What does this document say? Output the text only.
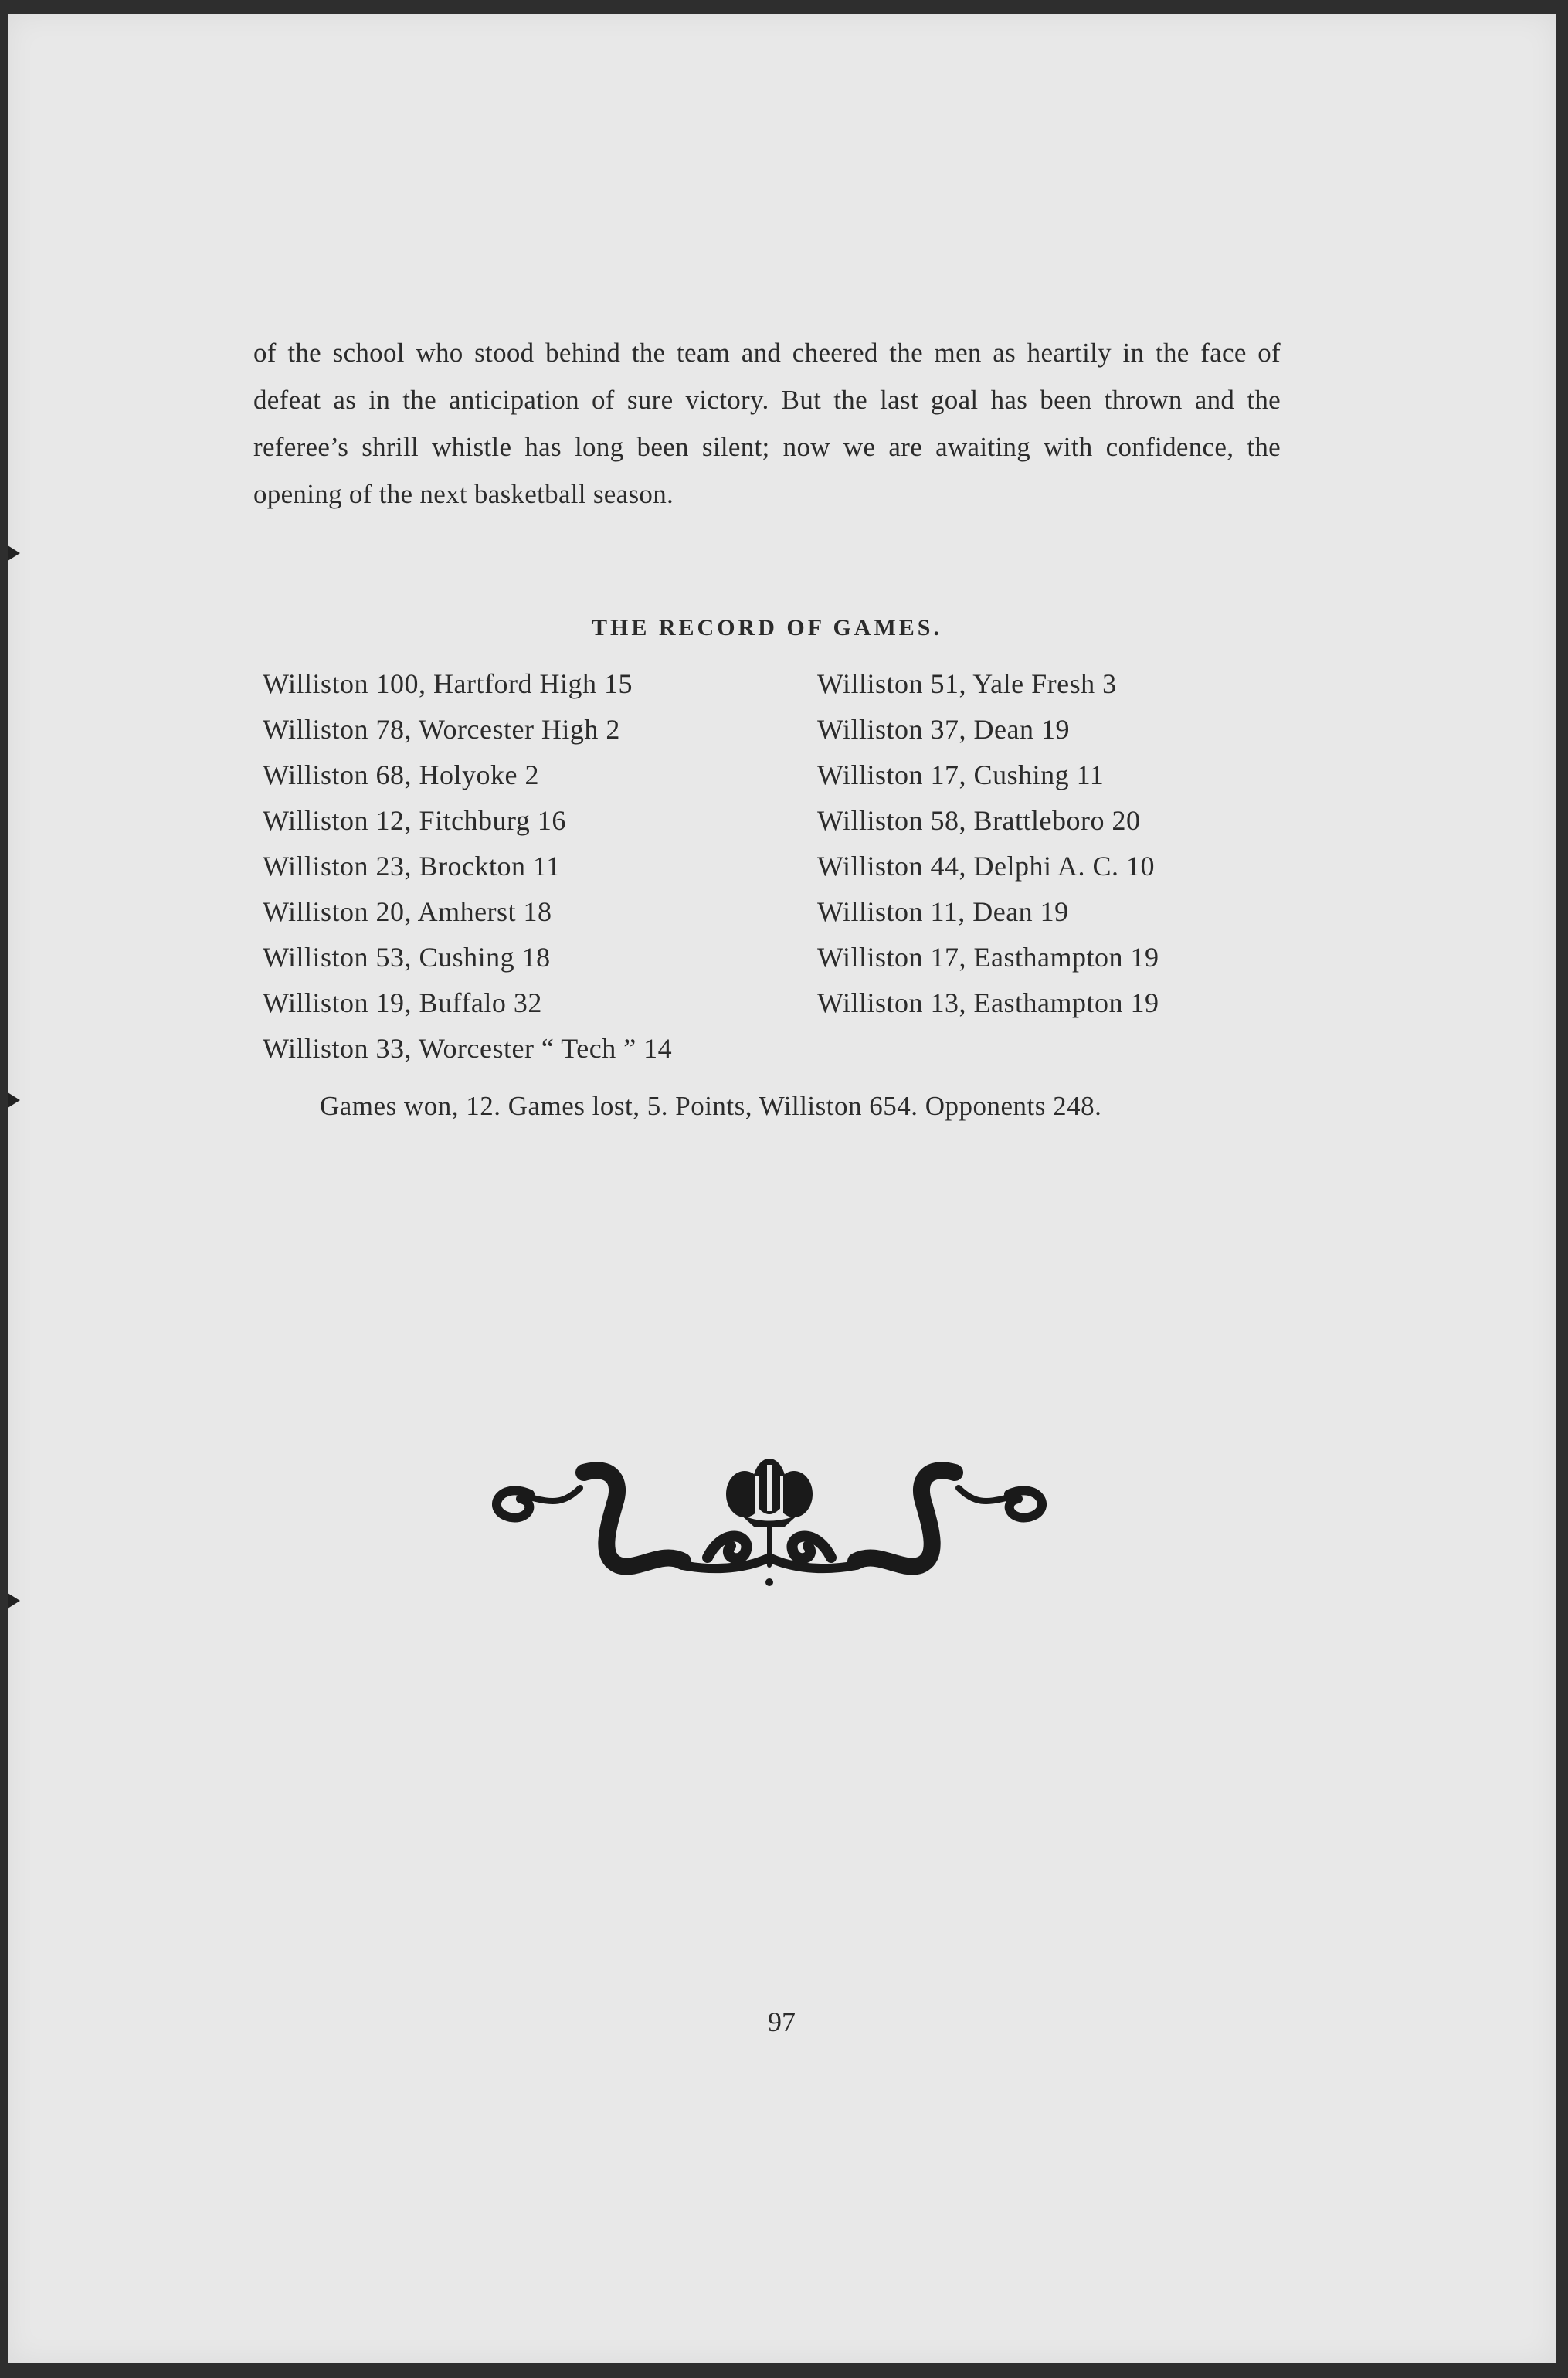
of the school who stood behind the team and cheered the men as heartily in the face of defeat as in the anticipation of sure victory. But the last goal has been thrown and the referee’s shrill whistle has long been silent; now we are awaiting with confidence, the opening of the next basketball season.

THE RECORD OF GAMES.

Williston 100, Hartford High 15
Williston 78, Worcester High 2
Williston 68, Holyoke 2
Williston 12, Fitchburg 16
Williston 23, Brockton 11
Williston 20, Amherst 18
Williston 53, Cushing 18
Williston 19, Buffalo 32
Williston 33, Worcester “ Tech ” 14
Williston 51, Yale Fresh 3
Williston 37, Dean 19
Williston 17, Cushing 11
Williston 58, Brattleboro 20
Williston 44, Delphi A. C. 10
Williston 11, Dean 19
Williston 17, Easthampton 19
Williston 13, Easthampton 19

Games won, 12. Games lost, 5. Points, Williston 654. Opponents 248.

97
